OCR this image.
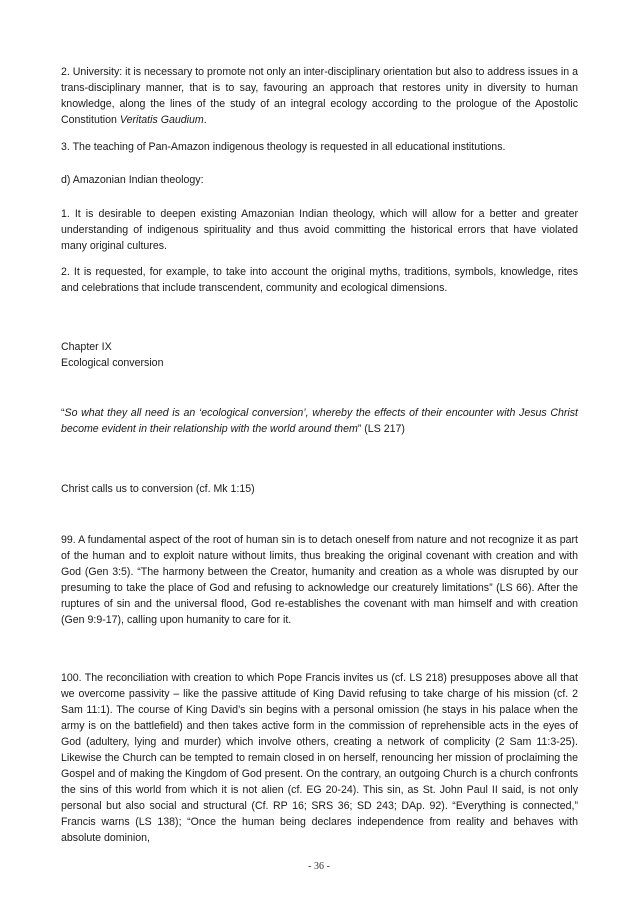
2. University: it is necessary to promote not only an inter-disciplinary orientation but also to address issues in a trans-disciplinary manner, that is to say, favouring an approach that restores unity in diversity to human knowledge, along the lines of the study of an integral ecology according to the prologue of the Apostolic Constitution Veritatis Gaudium.

3. The teaching of Pan-Amazon indigenous theology is requested in all educational institutions.

d) Amazonian Indian theology:

1. It is desirable to deepen existing Amazonian Indian theology, which will allow for a better and greater understanding of indigenous spirituality and thus avoid committing the historical errors that have violated many original cultures.

2. It is requested, for example, to take into account the original myths, traditions, symbols, knowledge, rites and celebrations that include transcendent, community and ecological dimensions.

Chapter IX

Ecological conversion

“So what they all need is an ‘ecological conversion’, whereby the effects of their encounter with Jesus Christ become evident in their relationship with the world around them” (LS 217)

Christ calls us to conversion (cf. Mk 1:15)

99. A fundamental aspect of the root of human sin is to detach oneself from nature and not recognize it as part of the human and to exploit nature without limits, thus breaking the original covenant with creation and with God (Gen 3:5). “The harmony between the Creator, humanity and creation as a whole was disrupted by our presuming to take the place of God and refusing to acknowledge our creaturely limitations” (LS 66). After the ruptures of sin and the universal flood, God re-establishes the covenant with man himself and with creation (Gen 9:9-17), calling upon humanity to care for it.

100. The reconciliation with creation to which Pope Francis invites us (cf. LS 218) presupposes above all that we overcome passivity – like the passive attitude of King David refusing to take charge of his mission (cf. 2 Sam 11:1). The course of King David’s sin begins with a personal omission (he stays in his palace when the army is on the battlefield) and then takes active form in the commission of reprehensible acts in the eyes of God (adultery, lying and murder) which involve others, creating a network of complicity (2 Sam 11:3-25). Likewise the Church can be tempted to remain closed in on herself, renouncing her mission of proclaiming the Gospel and of making the Kingdom of God present. On the contrary, an outgoing Church is a church confronts the sins of this world from which it is not alien (cf. EG 20-24). This sin, as St. John Paul II said, is not only personal but also social and structural (Cf. RP 16; SRS 36; SD 243; DAp. 92). “Everything is connected,” Francis warns (LS 138); “Once the human being declares independence from reality and behaves with absolute dominion,

- 36 -
